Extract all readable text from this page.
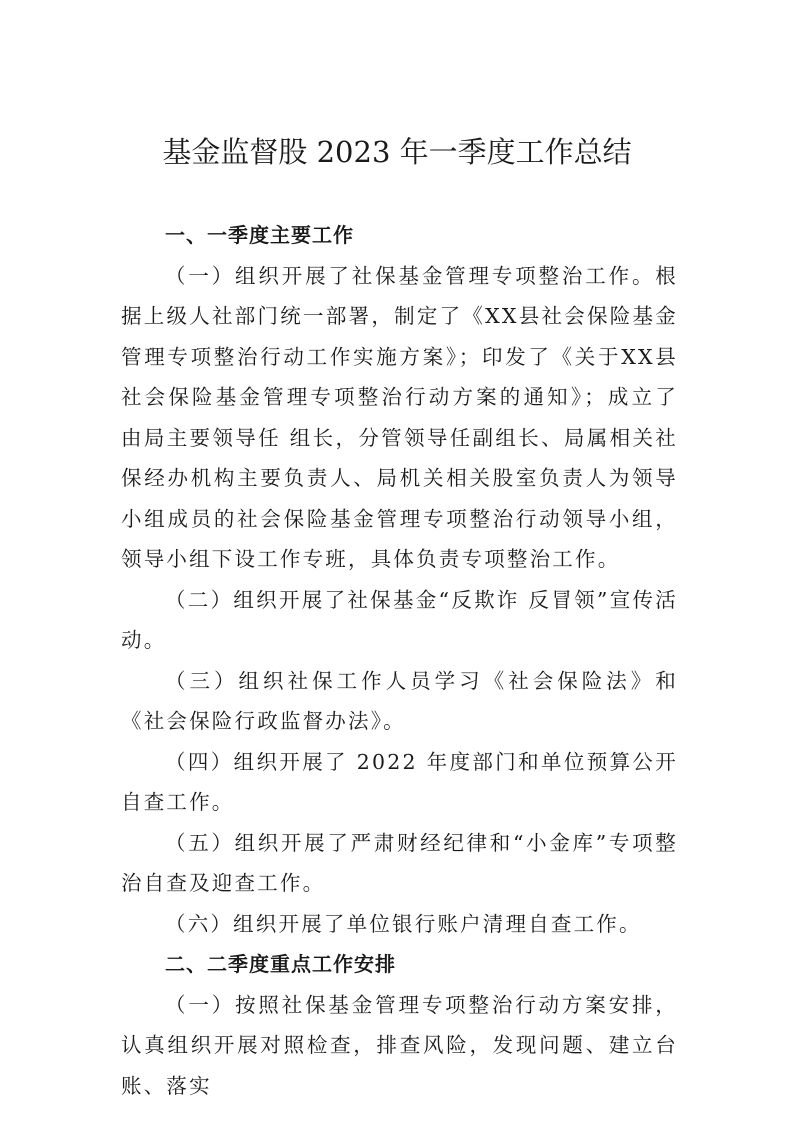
基金监督股 2023 年一季度工作总结

一、一季度主要工作

（一）组织开展了社保基金管理专项整治工作。根据上级人社部门统一部署，制定了《XX县社会保险基金管理专项整治行动工作实施方案》；印发了《关于XX县社会保险基金管理专项整治行动方案的通知》；成立了由局主要领导任 组长，分管领导任副组长、局属相关社保经办机构主要负责人、局机关相关股室负责人为领导小组成员的社会保险基金管理专项整治行动领导小组，领导小组下设工作专班，具体负责专项整治工作。

（二）组织开展了社保基金“反欺诈 反冒领”宣传活动。

（三）组织社保工作人员学习《社会保险法》和《社会保险行政监督办法》。

（四）组织开展了 2022 年度部门和单位预算公开自查工作。

（五）组织开展了严肃财经纪律和“小金库”专项整治自查及迎查工作。

（六）组织开展了单位银行账户清理自查工作。

二、二季度重点工作安排

（一）按照社保基金管理专项整治行动方案安排，认真组织开展对照检查，排查风险，发现问题、建立台账、落实
